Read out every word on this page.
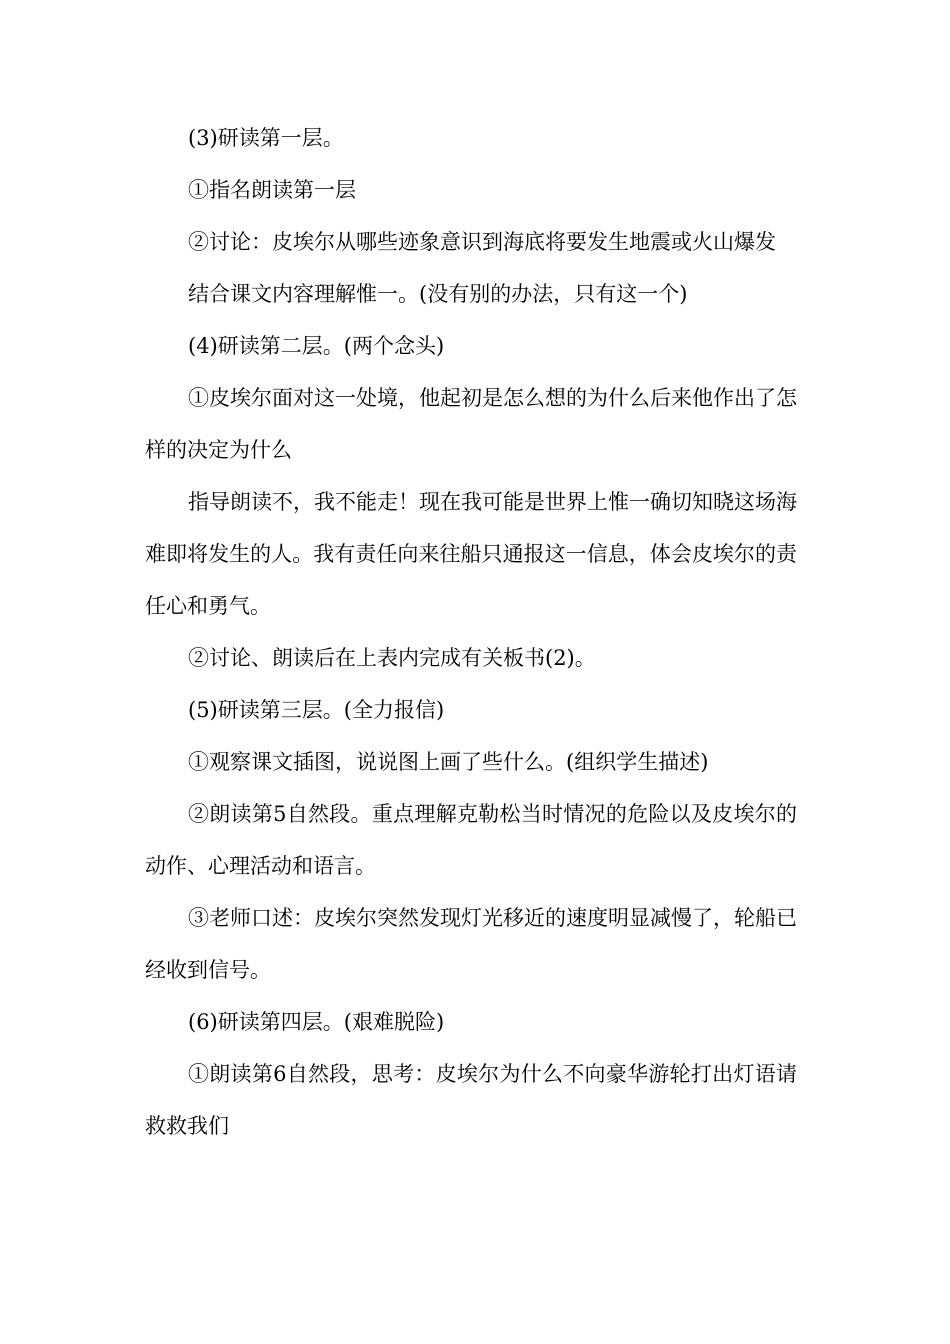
(3)研读第一层。

①指名朗读第一层

②讨论：皮埃尔从哪些迹象意识到海底将要发生地震或火山爆发

结合课文内容理解惟一。(没有别的办法，只有这一个)

(4)研读第二层。(两个念头)

①皮埃尔面对这一处境，他起初是怎么想的为什么后来他作出了怎样的决定为什么

指导朗读不，我不能走！现在我可能是世界上惟一确切知晓这场海难即将发生的人。我有责任向来往船只通报这一信息，体会皮埃尔的责任心和勇气。

②讨论、朗读后在上表内完成有关板书(2)。

(5)研读第三层。(全力报信)

①观察课文插图，说说图上画了些什么。(组织学生描述)

②朗读第5自然段。重点理解克勒松当时情况的危险以及皮埃尔的动作、心理活动和语言。

③老师口述：皮埃尔突然发现灯光移近的速度明显减慢了，轮船已经收到信号。

(6)研读第四层。(艰难脱险)

①朗读第6自然段，思考：皮埃尔为什么不向豪华游轮打出灯语请救救我们
